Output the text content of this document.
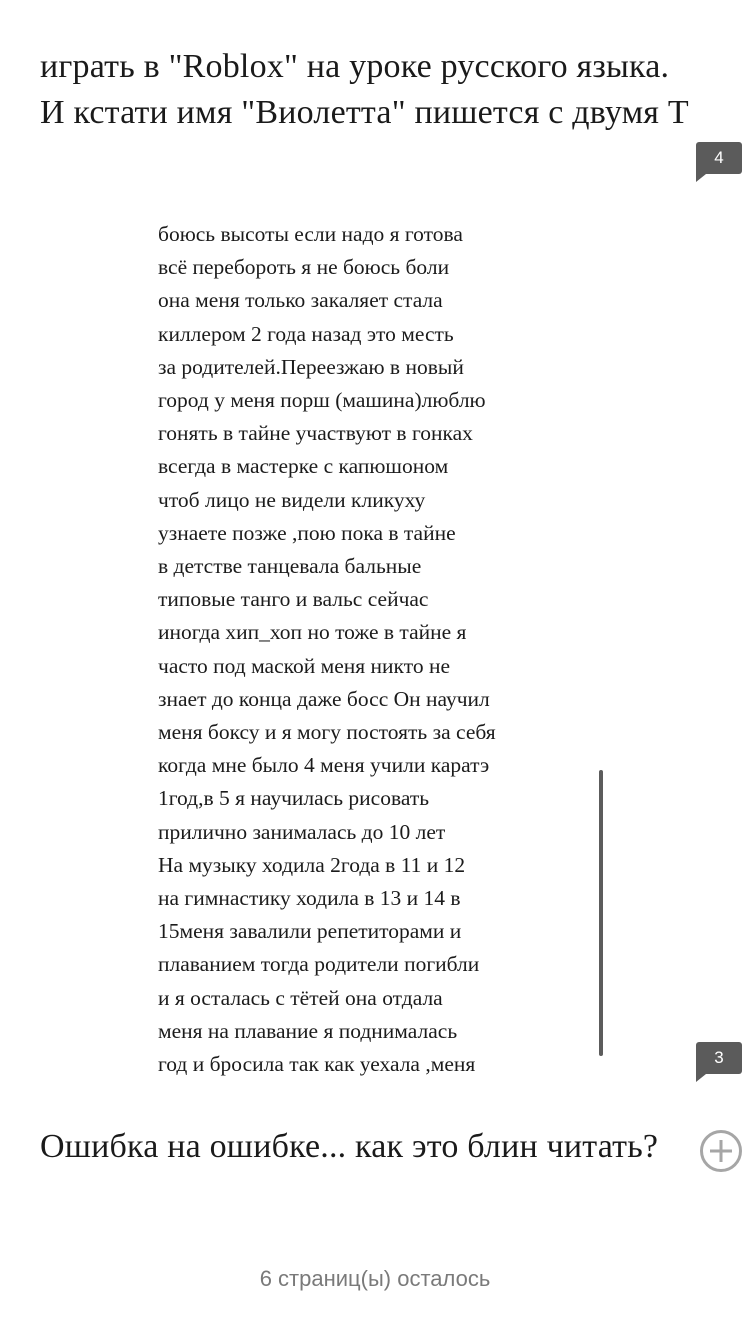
играть в "Roblox" на уроке русского языка. И кстати имя "Виолетта" пишется с двумя Т

4
боюсь высоты если надо я готова
всё перебороть я не боюсь боли
она меня только закаляет стала
киллером 2 года назад это месть
за родителей.Переезжаю в новый
город у меня порш (машина)люблю
гонять в тайне участвуют в гонках
всегда в мастерке с капюшоном
чтоб лицо не видели кликуху
узнаете позже ,пою пока в тайне
в детстве танцевала бальные
типовые танго и вальс сейчас
иногда хип_хоп но тоже в тайне я
часто под маской меня никто не
знает до конца даже босс Он научил
меня боксу и я могу постоять за себя
когда мне было 4 меня учили каратэ
1год,в 5 я научилась рисовать
прилично занималась до 10 лет
На музыку ходила 2года в 11 и 12
на гимнастику ходила в 13 и 14 в
15меня завалили репетиторами и
плаванием тогда родители погибли
и я осталась с тётей она отдала
меня на плавание я поднималась
год и бросила так как уехала ,меня	3

Ошибка на ошибке... как это блин читать?

6 страниц(ы) осталось
